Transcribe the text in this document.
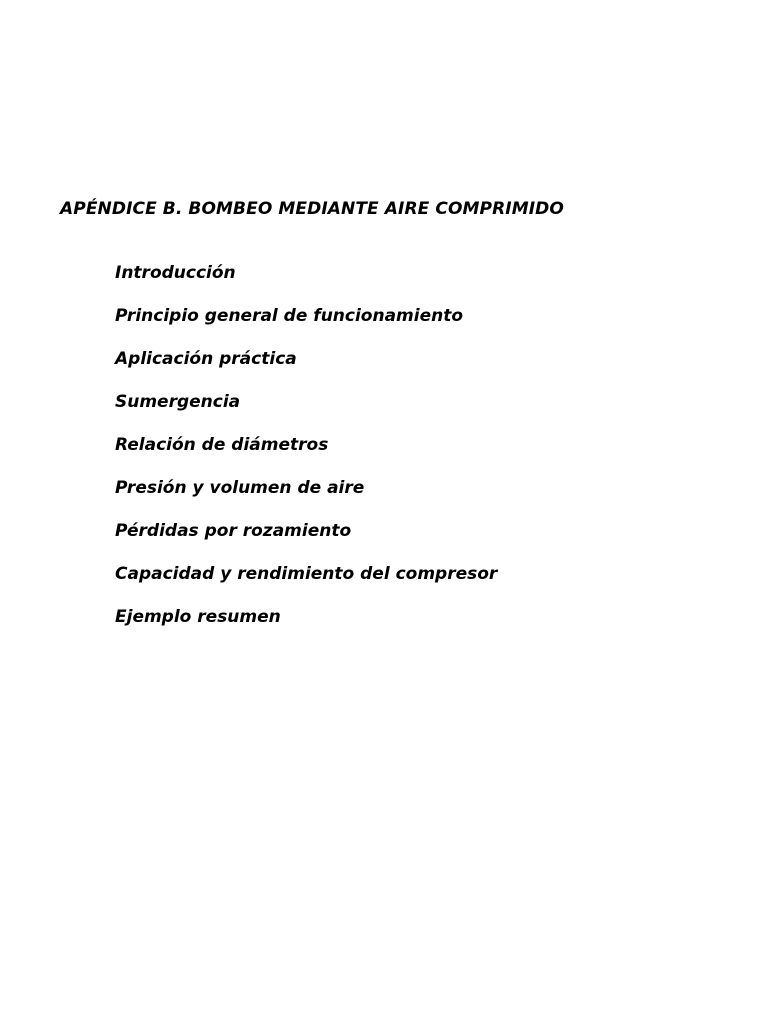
APÉNDICE B. BOMBEO MEDIANTE AIRE COMPRIMIDO
Introducción
Principio general de funcionamiento
Aplicación práctica
Sumergencia
Relación de diámetros
Presión y volumen de aire
Pérdidas por rozamiento
Capacidad y rendimiento del compresor
Ejemplo resumen
